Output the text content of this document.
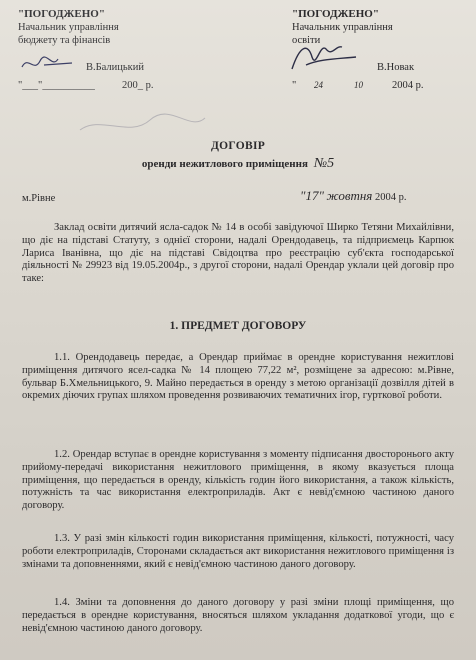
"ПОГОДЖЕНО"
Начальник управління
бюджету та фінансів
В.Балицький
"___"__________	200_ р.
"ПОГОДЖЕНО"
Начальник управління
освіти
В.Новак
" 24	10	2004 р.
ДОГОВІР
оренди нежитлового приміщення №5
м.Рівне	"17" жовтня 2004 р.
Заклад освіти дитячий ясла-садок № 14 в особі завідуючої Ширко Тетяни Михайлівни, що діє на підставі Статуту, з однієї сторони, надалі Орендодавець, та підприємець Карпюк Лариса Іванівна, що діє на підставі Свідоцтва про реєстрацію суб'єкта господарської діяльності № 29923 від 19.05.2004р., з другої сторони, надалі Орендар уклали цей договір про таке:
1. ПРЕДМЕТ ДОГОВОРУ
1.1. Орендодавець передає, а Орендар приймає в орендне користування нежитлові приміщення дитячого ясел-садка № 14 площею 77,22 м², розміщене за адресою: м.Рівне, бульвар Б.Хмельницького, 9. Майно передається в оренду з метою організації дозвілля дітей в окремих діючих групах шляхом проведення розвиваючих тематичних ігор, гурткової роботи.
1.2. Орендар вступає в орендне користування з моменту підписання двосторонього акту прийому-передачі використання нежитлового приміщення, в якому вказується площа приміщення, що передається в оренду, кількість годин його використання, а також кількість, потужність та час використання електроприладів. Акт є невід'ємною частиною даного договору.
1.3. У разі змін кількості годин використання приміщення, кількості, потужності, часу роботи електроприладів, Сторонами складається акт використання нежитлового приміщення із змінами та доповненнями, який є невід'ємною частиною даного договору.
1.4. Зміни та доповнення до даного договору у разі зміни площі приміщення, що передається в орендне користування, вносяться шляхом укладання додаткової угоди, що є невід'ємною частиною даного договору.
